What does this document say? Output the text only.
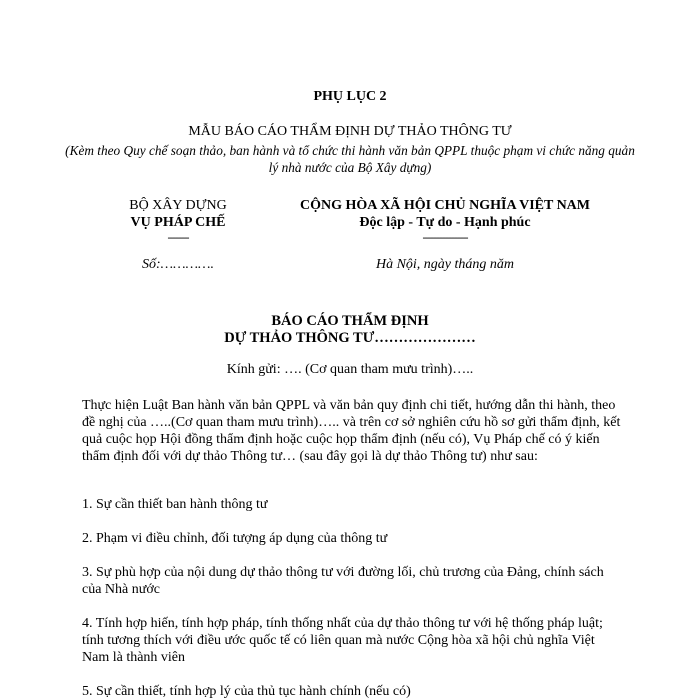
PHỤ LỤC 2
MẪU BÁO CÁO THẨM ĐỊNH DỰ THẢO THÔNG TƯ
(Kèm theo Quy chế soạn thảo, ban hành và tổ chức thi hành văn bản QPPL thuộc phạm vi chức năng quản lý nhà nước của Bộ Xây dựng)
BỘ XÂY DỰNG
VỤ PHÁP CHẾ
-------
CỘNG HÒA XÃ HỘI CHỦ NGHĨA VIỆT NAM
Độc lập - Tự do - Hạnh phúc
---------------
Số:………….	Hà Nội, ngày tháng năm
BÁO CÁO THẨM ĐỊNH
DỰ THẢO THÔNG TƯ…………………
Kính gửi: …. (Cơ quan tham mưu trình)…..
Thực hiện Luật Ban hành văn bản QPPL và văn bản quy định chi tiết, hướng dẫn thi hành, theo đề nghị của …..(Cơ quan tham mưu trình)….. và trên cơ sở nghiên cứu hồ sơ gửi thẩm định, kết quả cuộc họp Hội đồng thẩm định hoặc cuộc họp thẩm định (nếu có), Vụ Pháp chế có ý kiến thẩm định đối với dự thảo Thông tư… (sau đây gọi là dự thảo Thông tư) như sau:
1. Sự cần thiết ban hành thông tư
2. Phạm vi điều chỉnh, đối tượng áp dụng của thông tư
3. Sự phù hợp của nội dung dự thảo thông tư với đường lối, chủ trương của Đảng, chính sách của Nhà nước
4. Tính hợp hiến, tính hợp pháp, tính thống nhất của dự thảo thông tư với hệ thống pháp luật; tính tương thích với điều ước quốc tế có liên quan mà nước Cộng hòa xã hội chủ nghĩa Việt Nam là thành viên
5. Sự cần thiết, tính hợp lý của thủ tục hành chính (nếu có)
